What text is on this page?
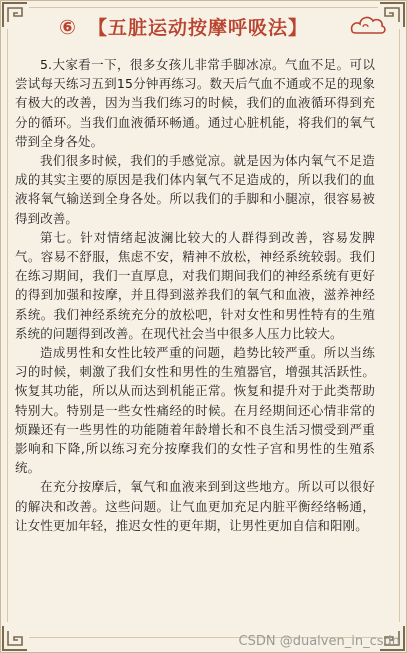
⑥ 【五脏运动按摩呼吸法】

5.大家看一下，很多女孩儿非常手脚冰凉。气血不足。可以尝试每天练习五到15分钟再练习。数天后气血不通或不足的现象有极大的改善，因为当我们练习的时候，我们的血液循环得到充分的循环。当我们血液循环畅通。通过心脏机能，将我们的氧气带到全身各处。

我们很多时候，我们的手感觉凉。就是因为体内氧气不足造成的其实主要的原因是我们体内氧气不足造成的，所以我们的血液将氧气输送到全身各处。所以我们的手脚和小腿凉，很容易被得到改善。

第七。针对情绪起波澜比较大的人群得到改善，容易发脾气。容易不舒服，焦虑不安，精神不放松，神经系统较弱。我们在练习期间，我们一直厚息，对我们期间我们的神经系统有更好的得到加强和按摩，并且得到滋养我们的氧气和血液，滋养神经系统。我们神经系统充分的放松吧，针对女性和男性特有的生殖系统的问题得到改善。在现代社会当中很多人压力比较大。

造成男性和女性比较严重的问题，趋势比较严重。所以当练习的时候，刺激了我们女性和男性的生殖器官，增强其活跃性。恢复其功能，所以从而达到机能正常。恢复和提升对于此类帮助特别大。特别是一些女性痛经的时候。在月经期间还心情非常的烦躁还有一些男性的功能随着年龄增长和不良生活习惯受到严重影响和下降,所以练习充分按摩我们的女性子宫和男性的生殖系统。

在充分按摩后，氧气和血液来到到这些地方。所以可以很好的解决和改善。这些问题。让气血更加充足内脏平衡经络畅通，让女性更加年轻，推迟女性的更年期，让男性更加自信和阳刚。

CSDN @dualven_in_csdn
